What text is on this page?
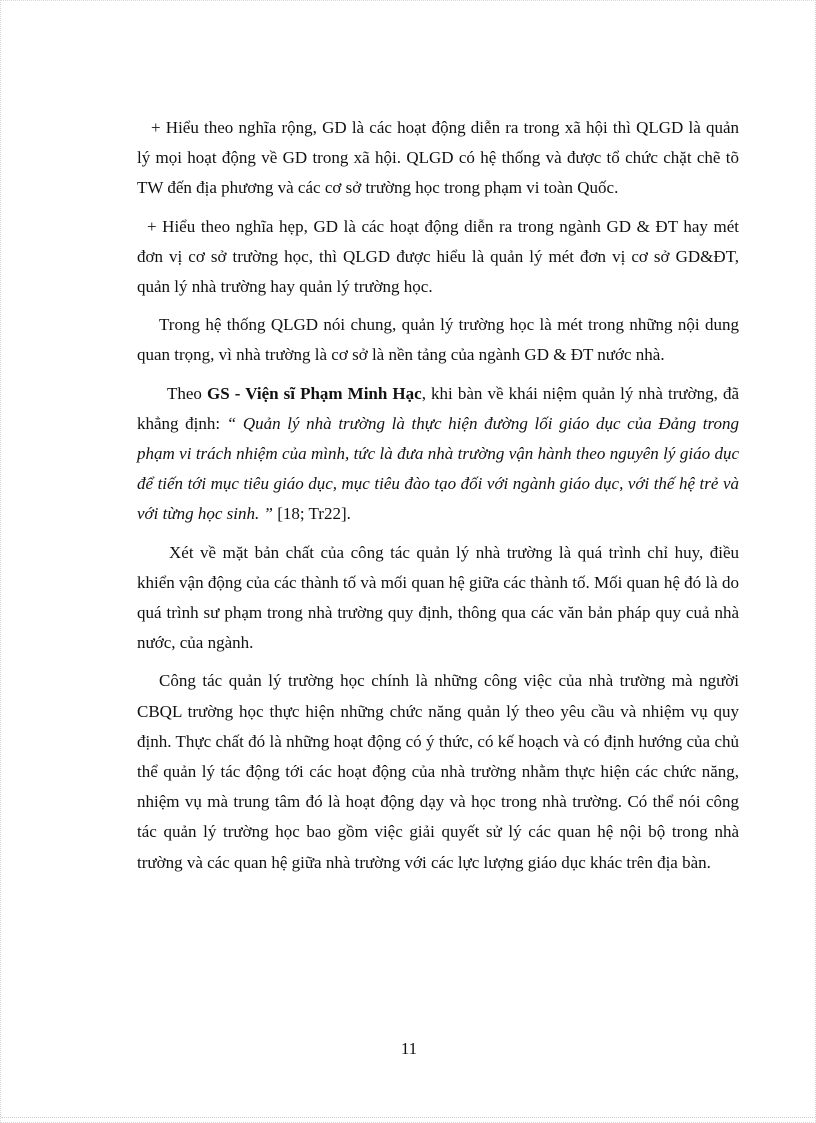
+ Hiểu theo nghĩa rộng, GD là các hoạt động diễn ra trong xã hội thì QLGD là quản lý mọi hoạt động về GD trong xã hội. QLGD có hệ thống và được tổ chức chặt chẽ tõ TW đến địa phương và các cơ sở trường học trong phạm vi toàn Quốc.

+ Hiểu theo nghĩa hẹp, GD là các hoạt động diễn ra trong ngành GD & ĐT hay mét đơn vị cơ sở trường học, thì QLGD được hiểu là quản lý mét đơn vị cơ sở GD&ĐT, quản lý nhà trường hay quản lý trường học.

Trong hệ thống QLGD nói chung, quản lý trường học là mét trong những nội dung quan trọng, vì nhà trường là cơ sở là nền tảng của ngành GD & ĐT nước nhà.

Theo GS - Viện sĩ Phạm Minh Hạc, khi bàn về khái niệm quản lý nhà trường, đã khẳng định: “ Quản lý nhà trường là thực hiện đường lối giáo dục của Đảng trong phạm vi trách nhiệm của mình, tức là đưa nhà trường vận hành theo nguyên lý giáo dục để tiến tới mục tiêu giáo dục, mục tiêu đào tạo đối với ngành giáo dục, với thế hệ trẻ và với từng học sinh. ” [18; Tr22].

Xét về mặt bản chất của công tác quản lý nhà trường là quá trình chỉ huy, điều khiển vận động của các thành tố và mối quan hệ giữa các thành tố. Mối quan hệ đó là do quá trình sư phạm trong nhà trường quy định, thông qua các văn bản pháp quy cuả nhà nước, của ngành.

Công tác quản lý trường học chính là những công việc của nhà trường mà người CBQL trường học thực hiện những chức năng quản lý theo yêu cầu và nhiệm vụ quy định. Thực chất đó là những hoạt động có ý thức, có kế hoạch và có định hướng của chủ thể quản lý tác động tới các hoạt động của nhà trường nhằm thực hiện các chức năng, nhiệm vụ mà trung tâm đó là hoạt động dạy và học trong nhà trường. Có thể nói công tác quản lý trường học bao gồm việc giải quyết sử lý các quan hệ nội bộ trong nhà trường và các quan hệ giữa nhà trường với các lực lượng giáo dục khác trên địa bàn.

11
